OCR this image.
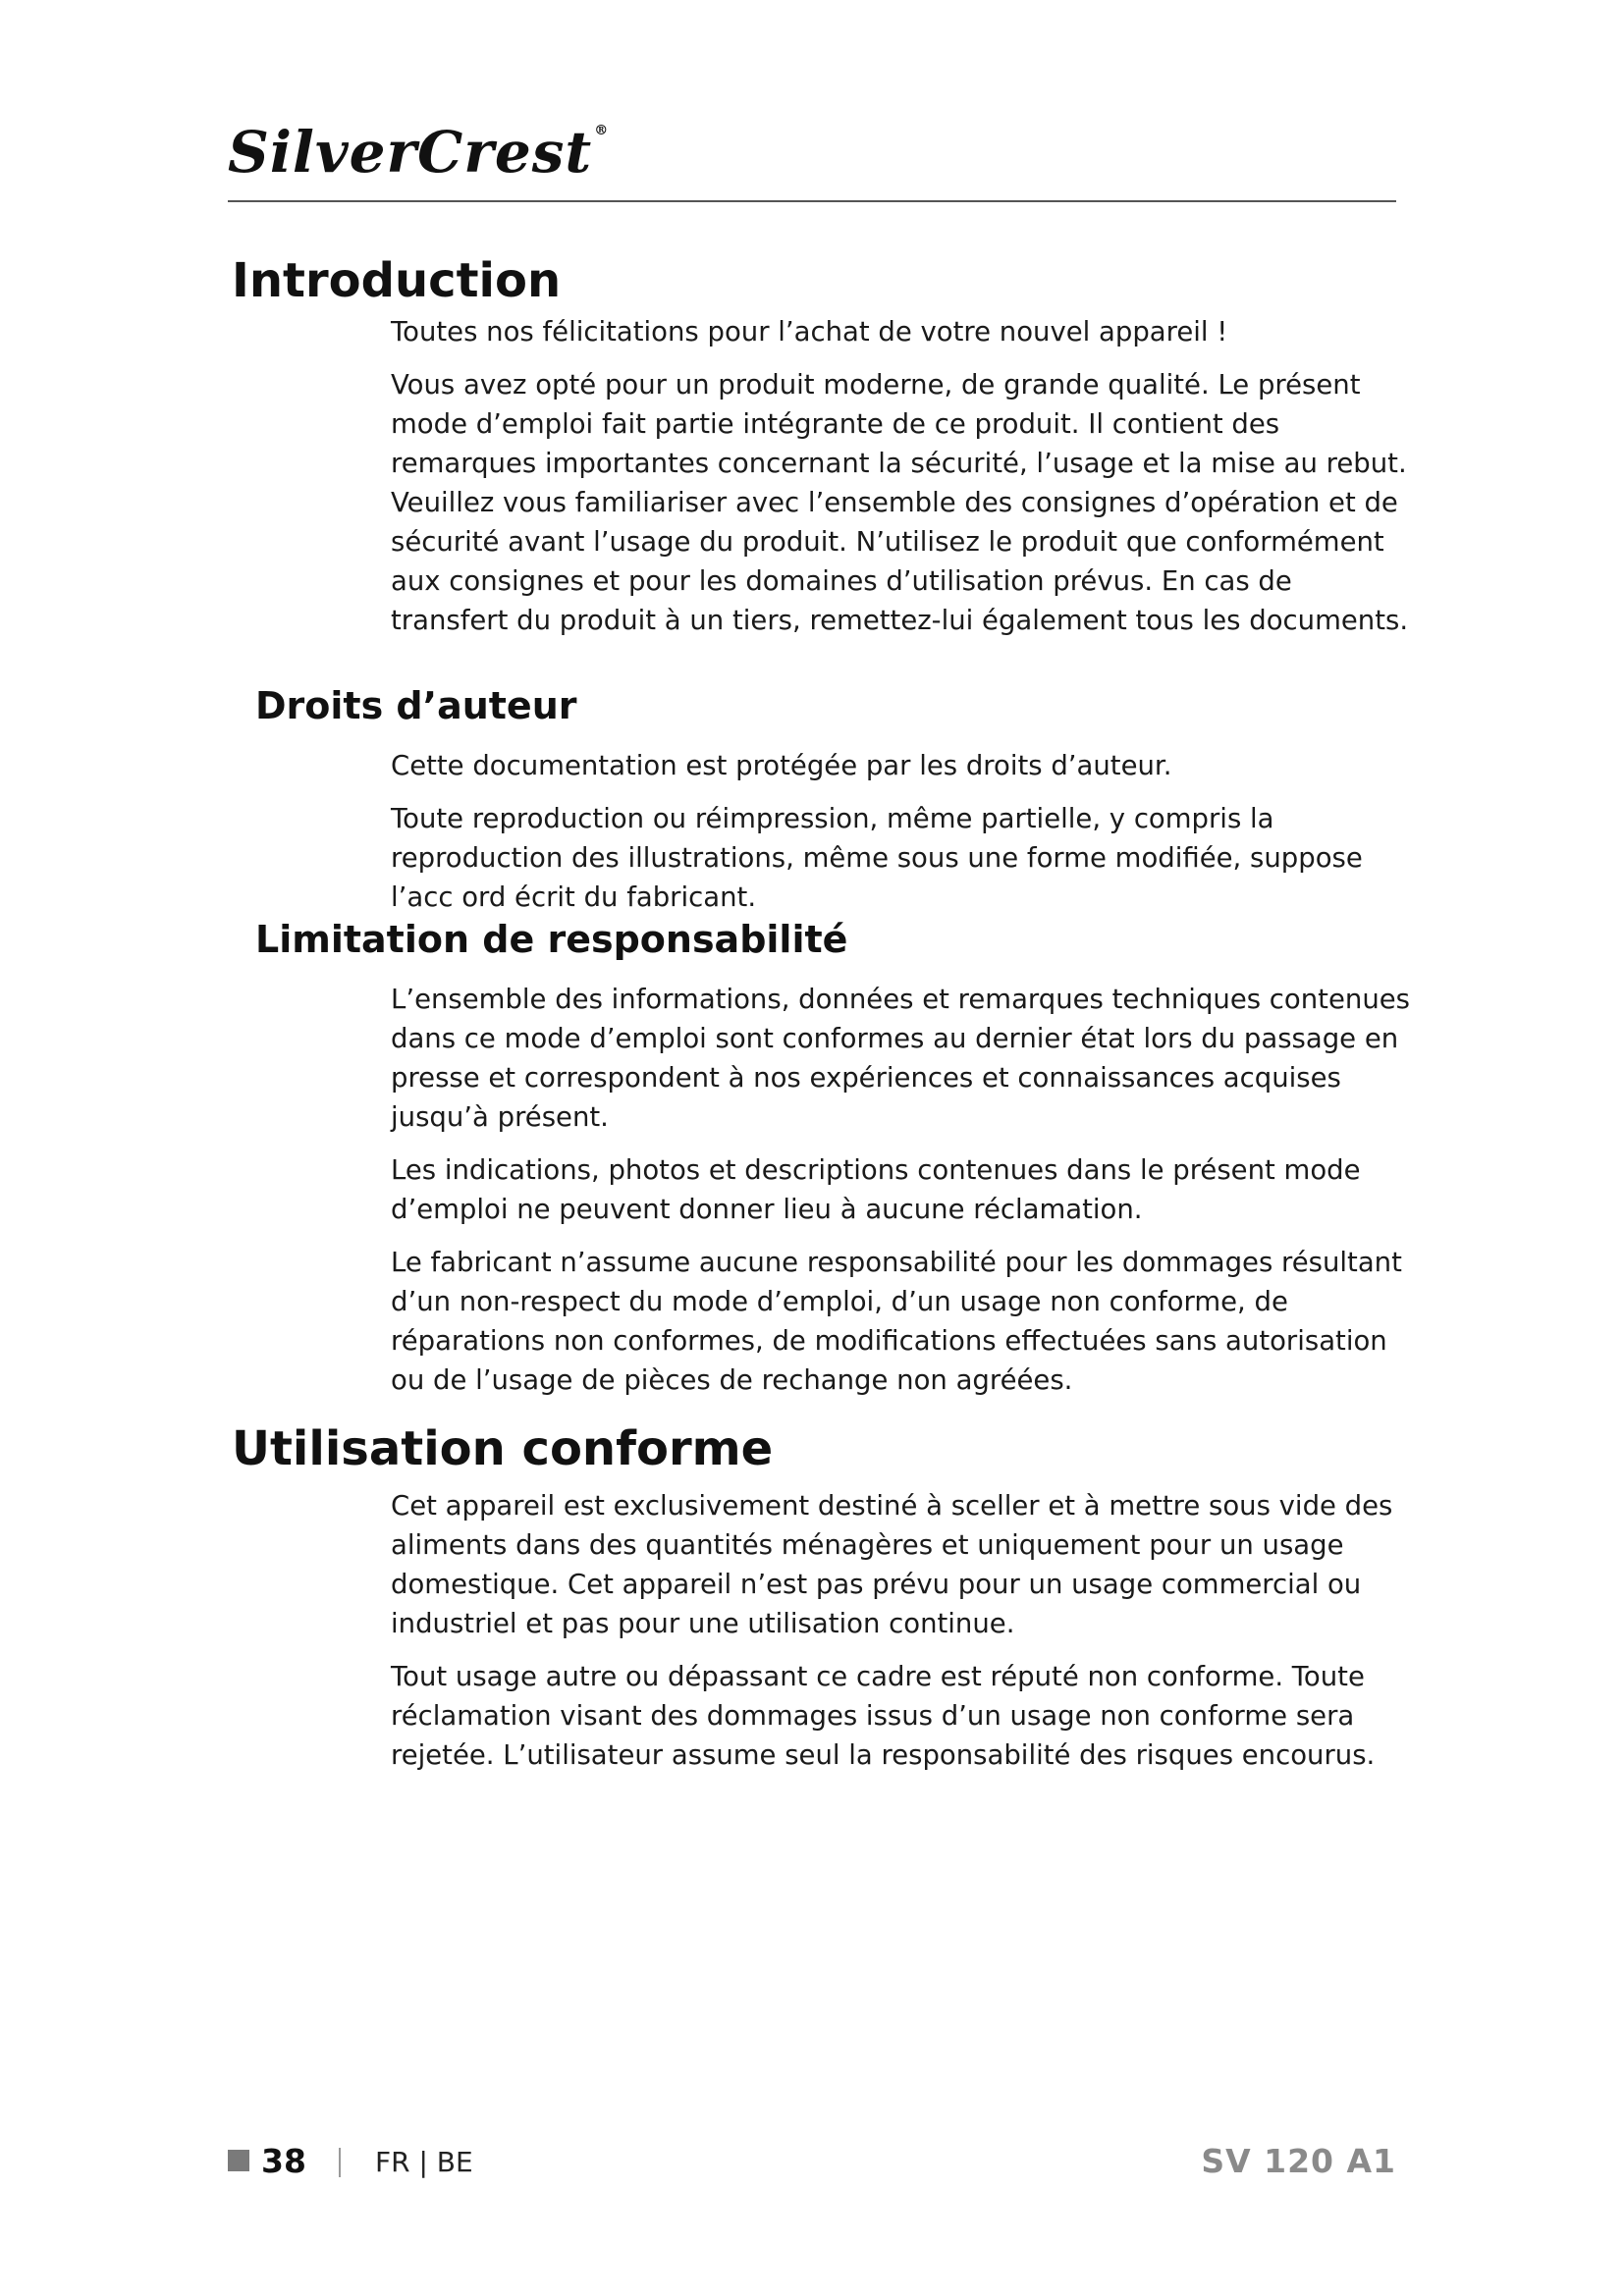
SilverCrest ®
Introduction

Toutes nos félicitations pour l’achat de votre nouvel appareil !

Vous avez opté pour un produit moderne, de grande qualité. Le présent mode d’emploi fait partie intégrante de ce produit. Il contient des remarques importantes concernant la sécurité, l’usage et la mise au rebut. Veuillez vous familiariser avec l’ensemble des consignes d’opération et de sécurité avant l’usage du produit. N’utilisez le produit que conformément aux consignes et pour les domaines d’utilisation prévus. En cas de transfert du produit à un tiers, remettez-lui également tous les documents.

Droits d’auteur

Cette documentation est protégée par les droits d’auteur.

Toute reproduction ou réimpression, même partielle, y compris la reproduction des illustrations, même sous une forme modifiée, suppose l’acc ord écrit du fabricant.

Limitation de responsabilité

L’ensemble des informations, données et remarques techniques contenues dans ce mode d’emploi sont conformes au dernier état lors du passage en presse et correspondent à nos expériences et connaissances acquises jusqu’à présent.

Les indications, photos et descriptions contenues dans le présent mode d’emploi ne peuvent donner lieu à aucune réclamation.

Le fabricant n’assume aucune responsabilité pour les dommages résultant d’un non-respect du mode d’emploi, d’un usage non conforme, de réparations non conformes, de modifications effectuées sans autorisation ou de l’usage de pièces de rechange non agréées.

Utilisation conforme

Cet appareil est exclusivement destiné à sceller et à mettre sous vide des aliments dans des quantités ménagères et uniquement pour un usage domestique. Cet appareil n’est pas prévu pour un usage commercial ou industriel et pas pour une utilisation continue.

Tout usage autre ou dépassant ce cadre est réputé non conforme. Toute réclamation visant des dommages issus d’un usage non conforme sera rejetée. L’utilisateur assume seul la responsabilité des risques encourus.

38	FR | BE	SV 120 A1
